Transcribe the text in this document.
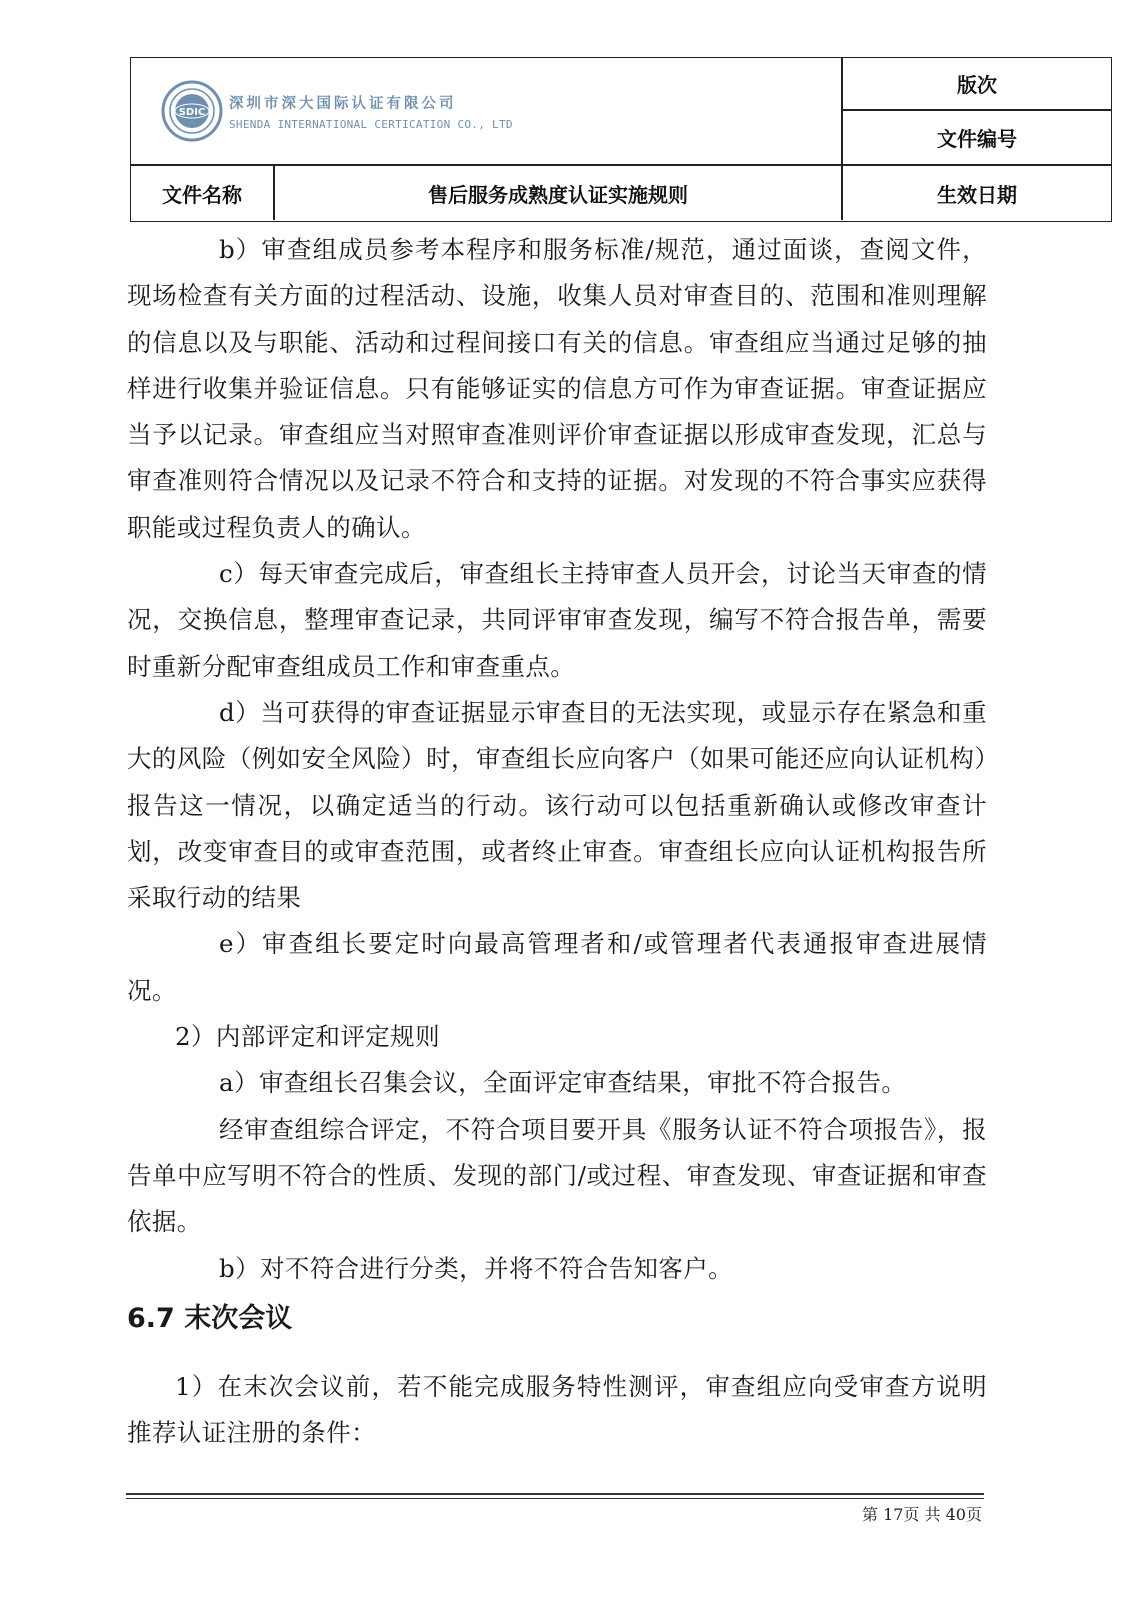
SDIC
深圳市深大国际认证有限公司
SHENDA INTERNATIONAL CERTICATION CO., LTD
版次
文件编号
文件名称	售后服务成熟度认证实施规则	生效日期

b）审查组成员参考本程序和服务标准/规范，通过面谈，查阅文件，现场检查有关方面的过程活动、设施，收集人员对审查目的、范围和准则理解的信息以及与职能、活动和过程间接口有关的信息。审查组应当通过足够的抽样进行收集并验证信息。只有能够证实的信息方可作为审查证据。审查证据应当予以记录。审查组应当对照审查准则评价审查证据以形成审查发现，汇总与审查准则符合情况以及记录不符合和支持的证据。对发现的不符合事实应获得职能或过程负责人的确认。

c）每天审查完成后，审查组长主持审查人员开会，讨论当天审查的情况，交换信息，整理审查记录，共同评审审查发现，编写不符合报告单，需要时重新分配审查组成员工作和审查重点。

d）当可获得的审查证据显示审查目的无法实现，或显示存在紧急和重大的风险（例如安全风险）时，审查组长应向客户（如果可能还应向认证机构）报告这一情况，以确定适当的行动。该行动可以包括重新确认或修改审查计划，改变审查目的或审查范围，或者终止审查。审查组长应向认证机构报告所采取行动的结果

e）审查组长要定时向最高管理者和/或管理者代表通报审查进展情况。

2）内部评定和评定规则

a）审查组长召集会议，全面评定审查结果，审批不符合报告。

经审查组综合评定，不符合项目要开具《服务认证不符合项报告》，报告单中应写明不符合的性质、发现的部门/或过程、审查发现、审查证据和审查依据。

b）对不符合进行分类，并将不符合告知客户。

6.7 末次会议

1）在末次会议前，若不能完成服务特性测评，审查组应向受审查方说明推荐认证注册的条件：

第 17页 共 40页
